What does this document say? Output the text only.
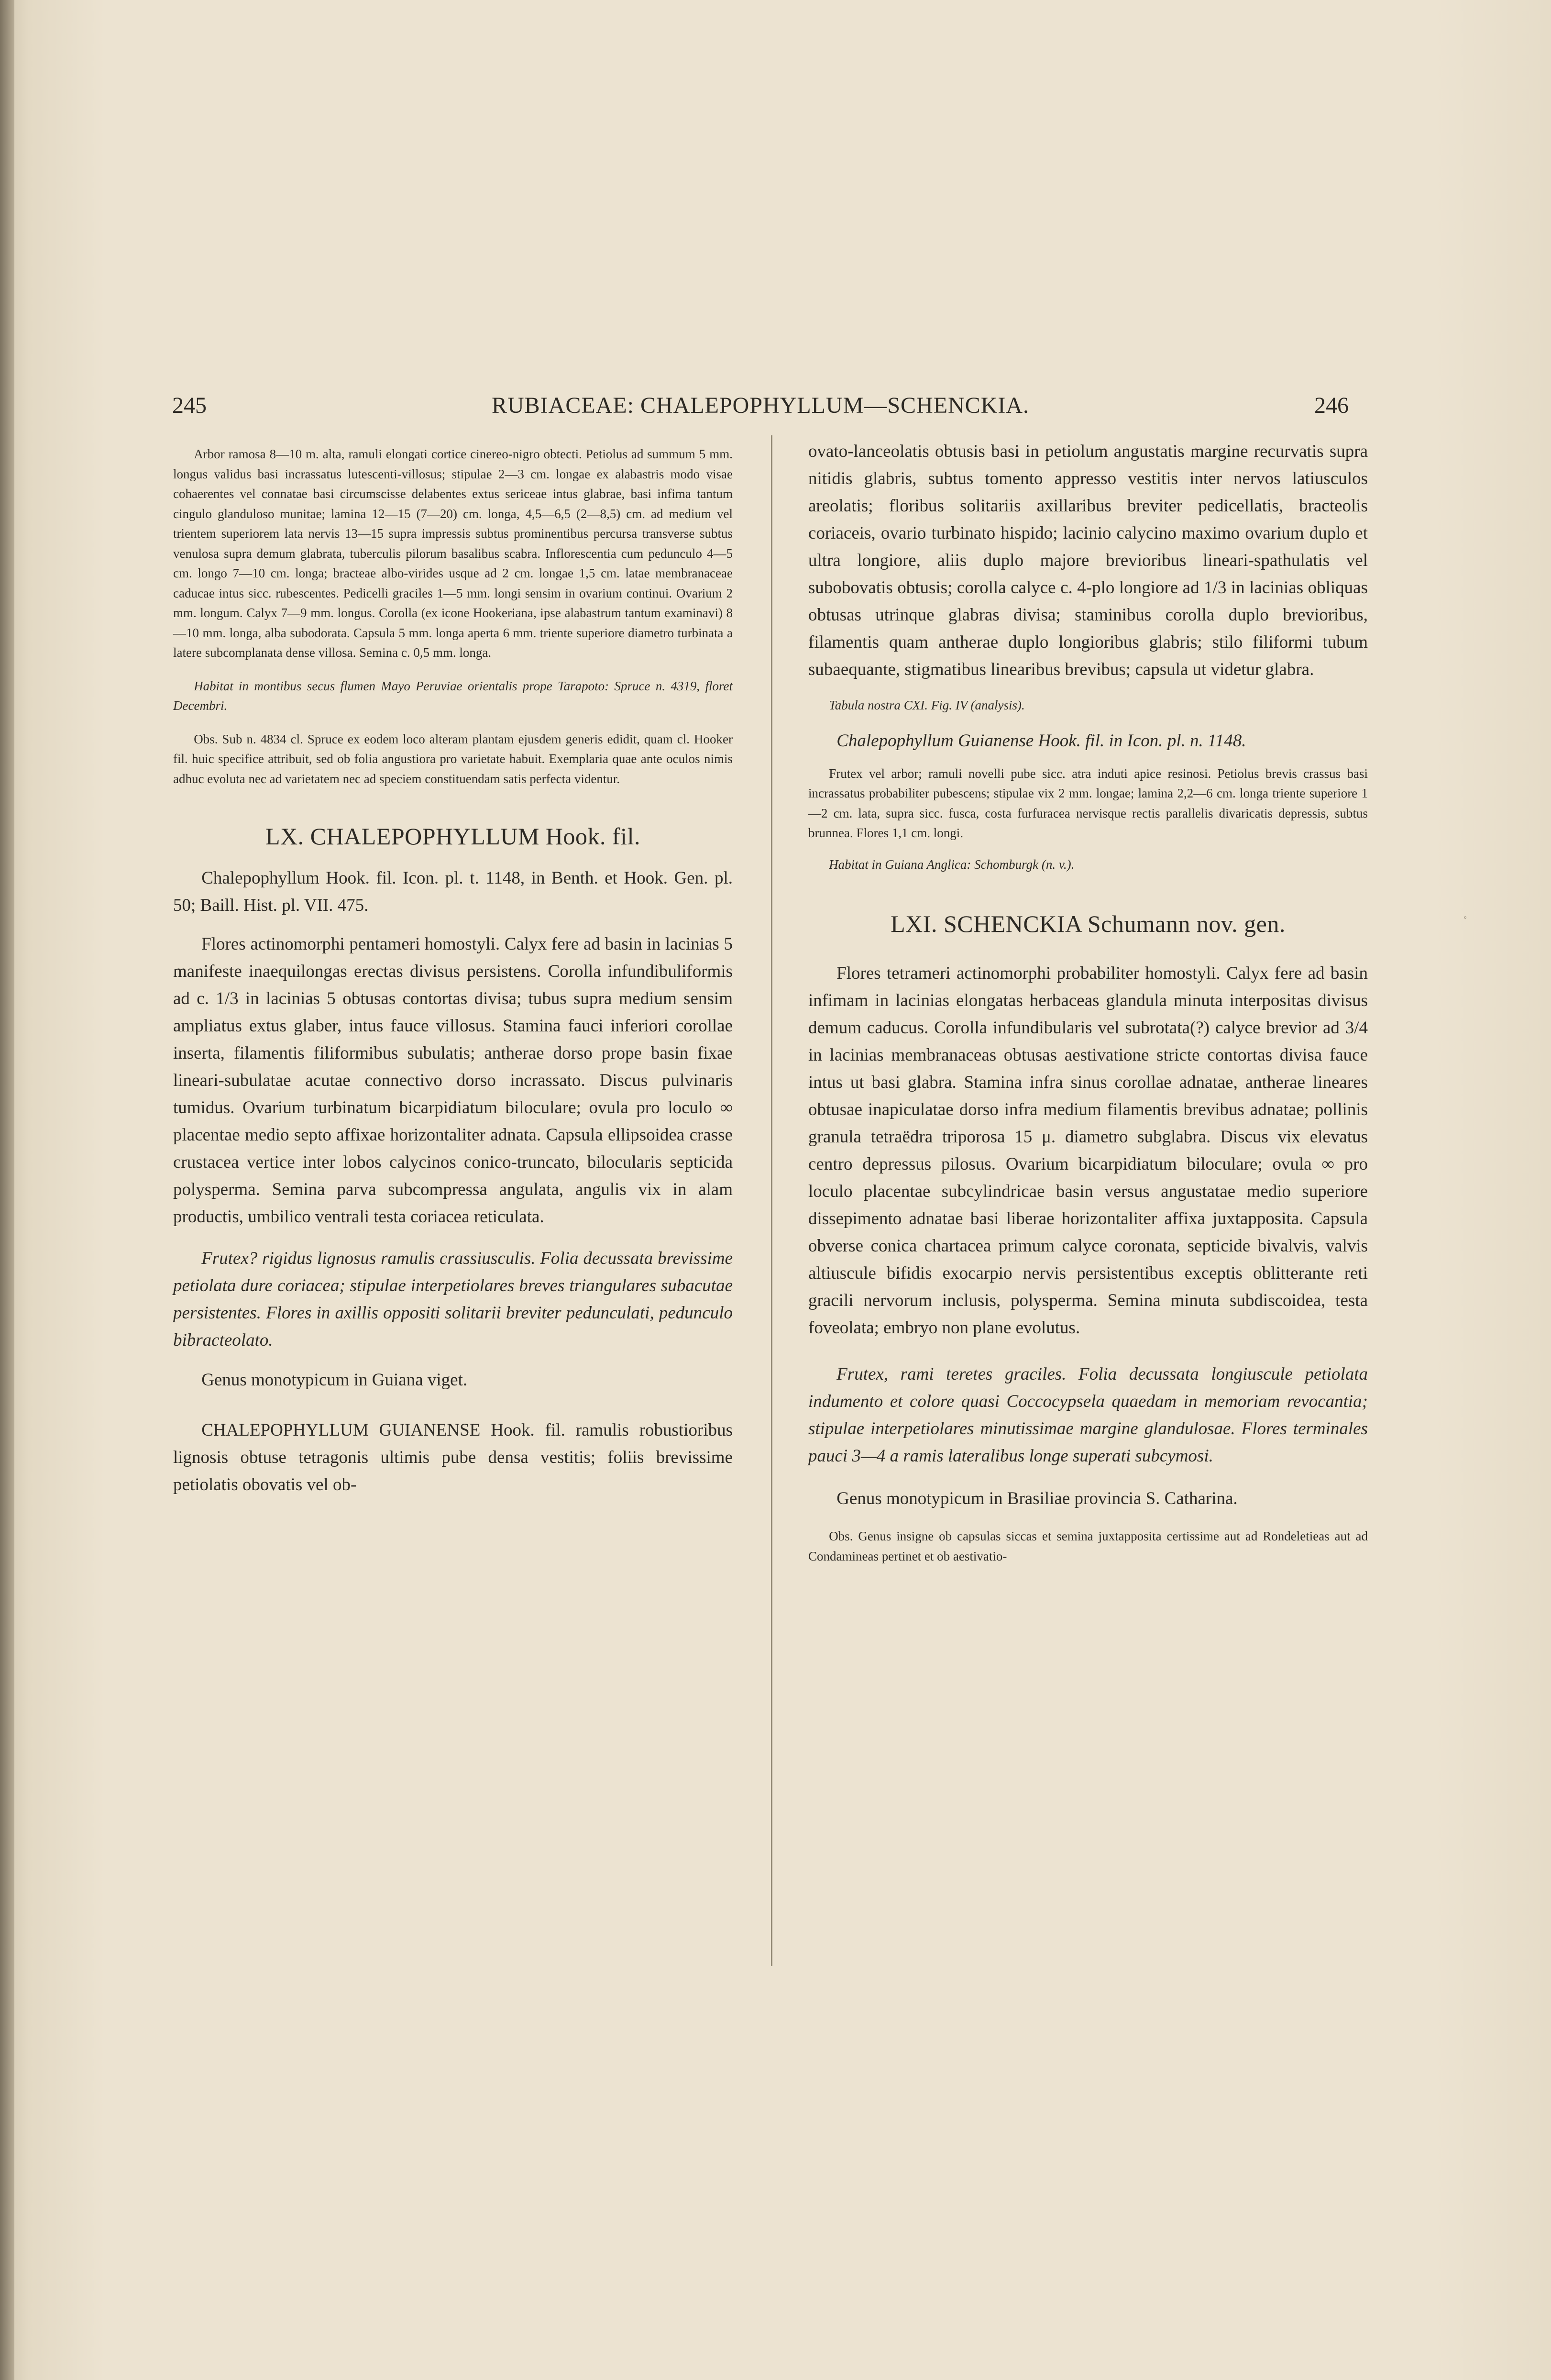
245	RUBIACEAE: CHALEPOPHYLLUM—SCHENCKIA.	246

Arbor ramosa 8—10 m. alta, ramuli elongati cortice cinereo-nigro obtecti. Petiolus ad summum 5 mm. longus validus basi incrassatus lutescenti-villosus; stipulae 2—3 cm. longae ex alabastris modo visae cohaerentes vel connatae basi circumscisse delabentes extus sericeae intus glabrae, basi infima tantum cingulo glanduloso munitae; lamina 12—15 (7—20) cm. longa, 4,5—6,5 (2—8,5) cm. ad medium vel trientem superiorem lata nervis 13—15 supra impressis subtus prominentibus percursa transverse subtus venulosa supra demum glabrata, tuberculis pilorum basalibus scabra. Inflorescentia cum pedunculo 4—5 cm. longo 7—10 cm. longa; bracteae albo-virides usque ad 2 cm. longae 1,5 cm. latae membranaceae caducae intus sicc. rubescentes. Pedicelli graciles 1—5 mm. longi sensim in ovarium continui. Ovarium 2 mm. longum. Calyx 7—9 mm. longus. Corolla (ex icone Hookeriana, ipse alabastrum tantum examinavi) 8—10 mm. longa, alba subodorata. Capsula 5 mm. longa aperta 6 mm. triente superiore diametro turbinata a latere subcomplanata dense villosa. Semina c. 0,5 mm. longa.

Habitat in montibus secus flumen Mayo Peruviae orientalis prope Tarapoto: Spruce n. 4319, floret Decembri.

Obs. Sub n. 4834 cl. Spruce ex eodem loco alteram plantam ejusdem generis edidit, quam cl. Hooker fil. huic specifice attribuit, sed ob folia angustiora pro varietate habuit. Exemplaria quae ante oculos nimis adhuc evoluta nec ad varietatem nec ad speciem constituendam satis perfecta videntur.

LX. CHALEPOPHYLLUM Hook. fil.

Chalepophyllum Hook. fil. Icon. pl. t. 1148, in Benth. et Hook. Gen. pl. 50; Baill. Hist. pl. VII. 475.

Flores actinomorphi pentameri homostyli. Calyx fere ad basin in lacinias 5 manifeste inaequilongas erectas divisus persistens. Corolla infundibuliformis ad c. 1/3 in lacinias 5 obtusas contortas divisa; tubus supra medium sensim ampliatus extus glaber, intus fauce villosus. Stamina fauci inferiori corollae inserta, filamentis filiformibus subulatis; antherae dorso prope basin fixae lineari-subulatae acutae connectivo dorso incrassato. Discus pulvinaris tumidus. Ovarium turbinatum bicarpidiatum biloculare; ovula pro loculo ∞ placentae medio septo affixae horizontaliter adnata. Capsula ellipsoidea crasse crustacea vertice inter lobos calycinos conico-truncato, bilocularis septicida polysperma. Semina parva subcompressa angulata, angulis vix in alam productis, umbilico ventrali testa coriacea reticulata.

Frutex? rigidus lignosus ramulis crassiusculis. Folia decussata brevissime petiolata dure coriacea; stipulae interpetiolares breves triangulares subacutae persistentes. Flores in axillis oppositi solitarii breviter pedunculati, pedunculo bibracteolato.

Genus monotypicum in Guiana viget.

CHALEPOPHYLLUM GUIANENSE Hook. fil. ramulis robustioribus lignosis obtuse tetragonis ultimis pube densa vestitis; foliis brevissime petiolatis obovatis vel ob-

ovato-lanceolatis obtusis basi in petiolum angustatis margine recurvatis supra nitidis glabris, subtus tomento appresso vestitis inter nervos latiusculos areolatis; floribus solitariis axillaribus breviter pedicellatis, bracteolis coriaceis, ovario turbinato hispido; lacinio calycino maximo ovarium duplo et ultra longiore, aliis duplo majore brevioribus lineari-spathulatis vel subobovatis obtusis; corolla calyce c. 4-plo longiore ad 1/3 in lacinias obliquas obtusas utrinque glabras divisa; staminibus corolla duplo brevioribus, filamentis quam antherae duplo longioribus glabris; stilo filiformi tubum subaequante, stigmatibus linearibus brevibus; capsula ut videtur glabra.

Tabula nostra CXI. Fig. IV (analysis).

Chalepophyllum Guianense Hook. fil. in Icon. pl. n. 1148.

Frutex vel arbor; ramuli novelli pube sicc. atra induti apice resinosi. Petiolus brevis crassus basi incrassatus probabiliter pubescens; stipulae vix 2 mm. longae; lamina 2,2—6 cm. longa triente superiore 1—2 cm. lata, supra sicc. fusca, costa furfuracea nervisque rectis parallelis divaricatis depressis, subtus brunnea. Flores 1,1 cm. longi.

Habitat in Guiana Anglica: Schomburgk (n. v.).

LXI. SCHENCKIA Schumann nov. gen.

Flores tetrameri actinomorphi probabiliter homostyli. Calyx fere ad basin infimam in lacinias elongatas herbaceas glandula minuta interpositas divisus demum caducus. Corolla infundibularis vel subrotata(?) calyce brevior ad 3/4 in lacinias membranaceas obtusas aestivatione stricte contortas divisa fauce intus ut basi glabra. Stamina infra sinus corollae adnatae, antherae lineares obtusae inapiculatae dorso infra medium filamentis brevibus adnatae; pollinis granula tetraëdra triporosa 15 μ. diametro subglabra. Discus vix elevatus centro depressus pilosus. Ovarium bicarpidiatum biloculare; ovula ∞ pro loculo placentae subcylindricae basin versus angustatae medio superiore dissepimento adnatae basi liberae horizontaliter affixa juxtapposita. Capsula obverse conica chartacea primum calyce coronata, septicide bivalvis, valvis altiuscule bifidis exocarpio nervis persistentibus exceptis oblitterante reti gracili nervorum inclusis, polysperma. Semina minuta subdiscoidea, testa foveolata; embryo non plane evolutus.

Frutex, rami teretes graciles. Folia decussata longiuscule petiolata indumento et colore quasi Coccocypsela quaedam in memoriam revocantia; stipulae interpetiolares minutissimae margine glandulosae. Flores terminales pauci 3—4 a ramis lateralibus longe superati subcymosi.

Genus monotypicum in Brasiliae provincia S. Catharina.

Obs. Genus insigne ob capsulas siccas et semina juxtapposita certissime aut ad Rondeletieas aut ad Condamineas pertinet et ob aestivatio-

˳
